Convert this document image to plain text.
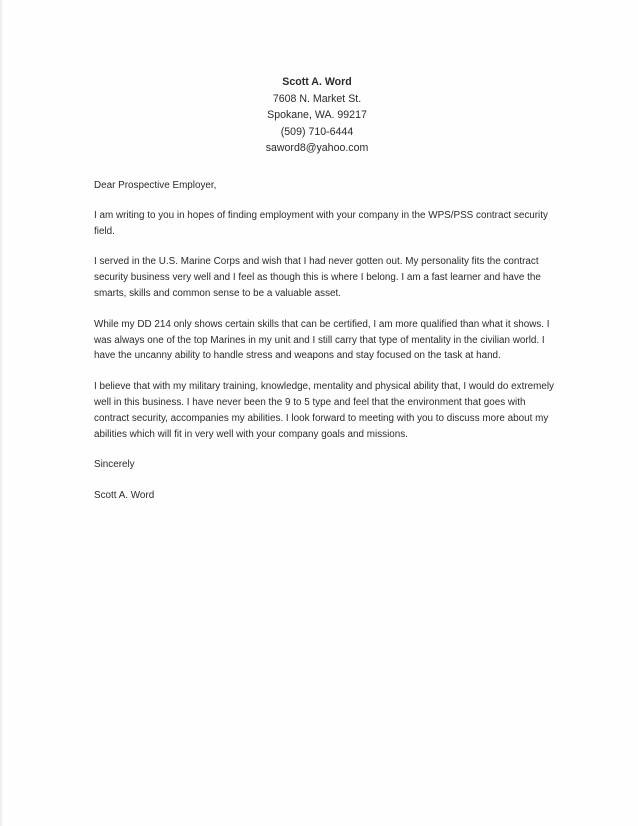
Scott A. Word
7608 N. Market St.
Spokane, WA. 99217
(509) 710-6444
saword8@yahoo.com

Dear Prospective Employer,

I am writing to you in hopes of finding employment with your company in the WPS/PSS contract security field.

I served in the U.S. Marine Corps and wish that I had never gotten out. My personality fits the contract security business very well and I feel as though this is where I belong. I am a fast learner and have the smarts, skills and common sense to be a valuable asset.

While my DD 214 only shows certain skills that can be certified, I am more qualified than what it shows. I was always one of the top Marines in my unit and I still carry that type of mentality in the civilian world. I have the uncanny ability to handle stress and weapons and stay focused on the task at hand.

I believe that with my military training, knowledge, mentality and physical ability that, I would do extremely well in this business. I have never been the 9 to 5 type and feel that the environment that goes with contract security, accompanies my abilities. I look forward to meeting with you to discuss more about my abilities which will fit in very well with your company goals and missions.

Sincerely

Scott A. Word
